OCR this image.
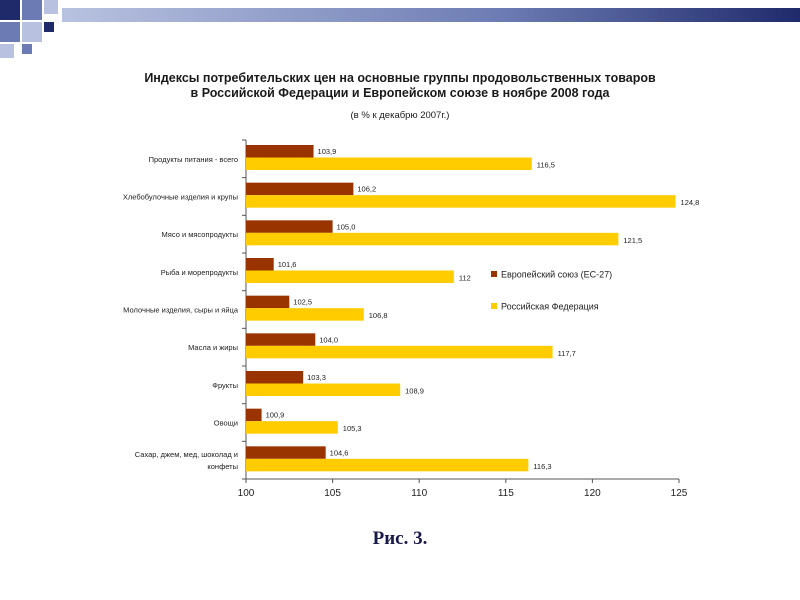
Индексы потребительских цен на основные группы продовольственных товаров
в Российской Федерации и Европейском союзе в ноябре 2008 года
(в % к декабрю 2007г.)
100	105	110	115	120	125
Продукты питания - всего
103,9
116,5
Хлебобулочные изделия и крупы
106,2
124,8
Мясо и мясопродукты
105,0
121,5
Рыба и морепродукты
101,6
112
Молочные изделия, сыры и яйца
102,5
106,8
Масла и жиры
104,0
117,7
Фрукты
103,3
108,9
Овощи
100,9
105,3
Сахар, джем, мед, шоколад и
конфеты
104,6
116,3
Европейский союз (ЕС-27)
Российская Федерация
Рис. 3.
